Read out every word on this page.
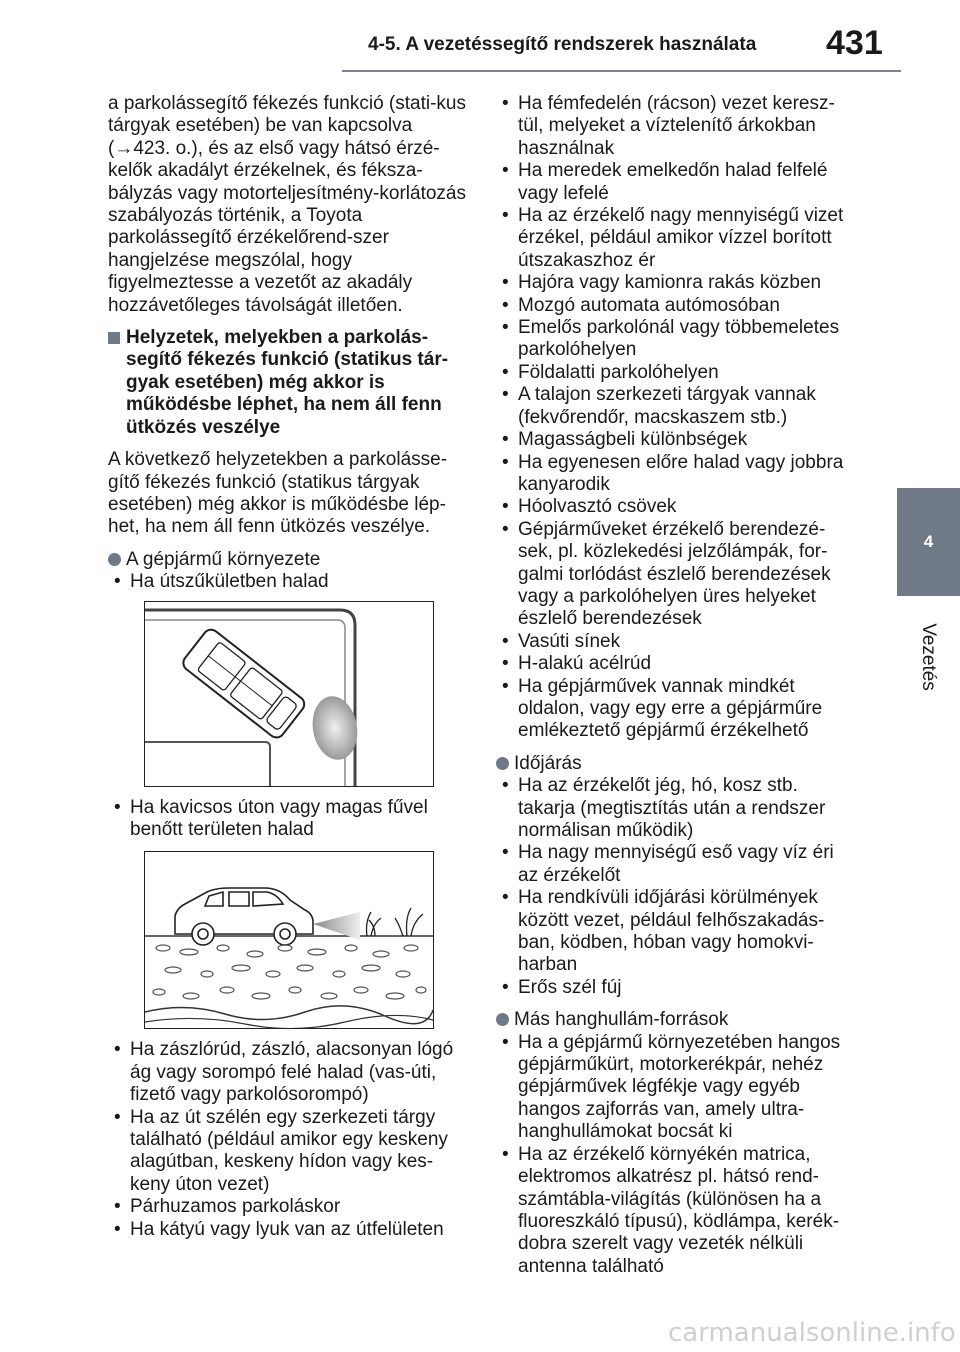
4-5. A vezetéssegítő rendszerek használata 431
4
Vezetés

a parkolássegítő fékezés funkció (stati-kus tárgyak esetében) be van kapcsolva (→423. o.), és az első vagy hátsó érzé-kelők akadályt érzékelnek, és féksza-bályzás vagy motorteljesítmény-korlátozás szabályozás történik, a Toyota parkolássegítő érzékelőrend-szer hangjelzése megszólal, hogy figyelmeztesse a vezetőt az akadály hozzávetőleges távolságát illetően.

Helyzetek, melyekben a parkolás-segítő fékezés funkció (statikus tár-gyak esetében) még akkor is működésbe léphet, ha nem áll fenn ütközés veszélye

A következő helyzetekben a parkolásse-gítő fékezés funkció (statikus tárgyak esetében) még akkor is működésbe lép-het, ha nem áll fenn ütközés veszélye.

A gépjármű környezete
• Ha útszűkületben halad
• Ha kavicsos úton vagy magas fűvel benőtt területen halad
• Ha zászlórúd, zászló, alacsonyan lógó ág vagy sorompó felé halad (vas-úti, fizető vagy parkolósorompó)
• Ha az út szélén egy szerkezeti tárgy található (például amikor egy keskeny alagútban, keskeny hídon vagy kes-keny úton vezet)
• Párhuzamos parkoláskor
• Ha kátyú vagy lyuk van az útfelületen
• Ha fémfedelén (rácson) vezet keresz-tül, melyeket a víztelenítő árkokban használnak
• Ha meredek emelkedőn halad felfelé vagy lefelé
• Ha az érzékelő nagy mennyiségű vizet érzékel, például amikor vízzel borított útszakaszhoz ér
• Hajóra vagy kamionra rakás közben
• Mozgó automata autómosóban
• Emelős parkolónál vagy többemeletes parkolóhelyen
• Földalatti parkolóhelyen
• A talajon szerkezeti tárgyak vannak (fekvőrendőr, macskaszem stb.)
• Magasságbeli különbségek
• Ha egyenesen előre halad vagy jobbra kanyarodik
• Hóolvasztó csövek
• Gépjárműveket érzékelő berendezé-sek, pl. közlekedési jelzőlámpák, for-galmi torlódást észlelő berendezések vagy a parkolóhelyen üres helyeket észlelő berendezések
• Vasúti sínek
• H-alakú acélrúd
• Ha gépjárművek vannak mindkét oldalon, vagy egy erre a gépjárműre emlékeztető gépjármű érzékelhető
Időjárás
• Ha az érzékelőt jég, hó, kosz stb. takarja (megtisztítás után a rendszer normálisan működik)
• Ha nagy mennyiségű eső vagy víz éri az érzékelőt
• Ha rendkívüli időjárási körülmények között vezet, például felhőszakadás-ban, ködben, hóban vagy homokvi-harban
• Erős szél fúj
Más hanghullám-források
• Ha a gépjármű környezetében hangos gépjárműkürt, motorkerékpár, nehéz gépjárművek légfékje vagy egyéb hangos zajforrás van, amely ultra-hanghullámokat bocsát ki
• Ha az érzékelő környékén matrica, elektromos alkatrész pl. hátsó rend-számtábla-világítás (különösen ha a fluoreszkáló típusú), ködlámpa, kerék-dobra szerelt vagy vezeték nélküli antenna található
carmanualsonline.info
